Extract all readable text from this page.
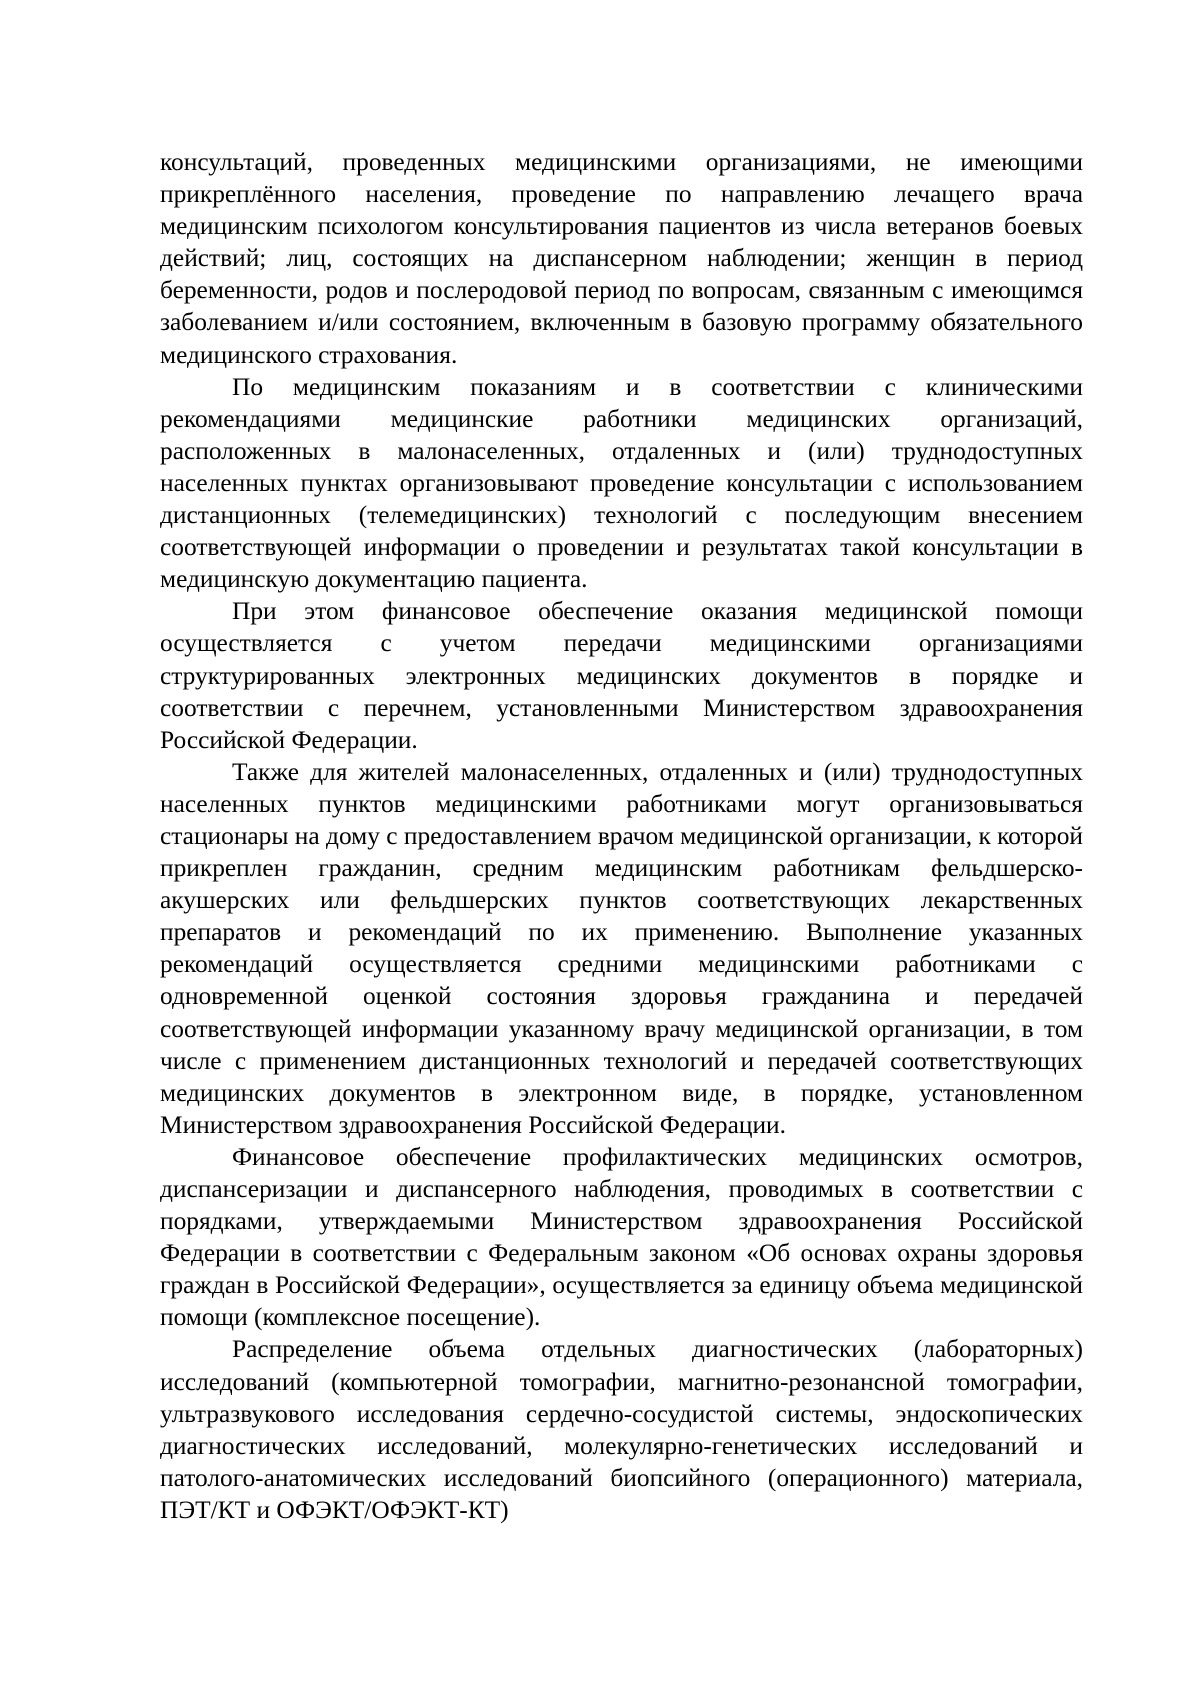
консультаций, проведенных медицинскими организациями, не имеющими прикреплённого населения, проведение по направлению лечащего врача медицинским психологом консультирования пациентов из числа ветеранов боевых действий; лиц, состоящих на диспансерном наблюдении; женщин в период беременности, родов и послеродовой период по вопросам, связанным с имеющимся заболеванием и/или состоянием, включенным в базовую программу обязательного медицинского страхования.

По медицинским показаниям и в соответствии с клиническими рекомендациями медицинские работники медицинских организаций, расположенных в малонаселенных, отдаленных и (или) труднодоступных населенных пунктах организовывают проведение консультации с использованием дистанционных (телемедицинских) технологий с последующим внесением соответствующей информации о проведении и результатах такой консультации в медицинскую документацию пациента.

При этом финансовое обеспечение оказания медицинской помощи осуществляется с учетом передачи медицинскими организациями структурированных электронных медицинских документов в порядке и соответствии с перечнем, установленными Министерством здравоохранения Российской Федерации.

Также для жителей малонаселенных, отдаленных и (или) труднодоступных населенных пунктов медицинскими работниками могут организовываться стационары на дому с предоставлением врачом медицинской организации, к которой прикреплен гражданин, средним медицинским работникам фельдшерско-акушерских или фельдшерских пунктов соответствующих лекарственных препаратов и рекомендаций по их применению. Выполнение указанных рекомендаций осуществляется средними медицинскими работниками с одновременной оценкой состояния здоровья гражданина и передачей соответствующей информации указанному врачу медицинской организации, в том числе с применением дистанционных технологий и передачей соответствующих медицинских документов в электронном виде, в порядке, установленном Министерством здравоохранения Российской Федерации.

Финансовое обеспечение профилактических медицинских осмотров, диспансеризации и диспансерного наблюдения, проводимых в соответствии с порядками, утверждаемыми Министерством здравоохранения Российской Федерации в соответствии с Федеральным законом «Об основах охраны здоровья граждан в Российской Федерации», осуществляется за единицу объема медицинской помощи (комплексное посещение).

Распределение объема отдельных диагностических (лабораторных) исследований (компьютерной томографии, магнитно-резонансной томографии, ультразвукового исследования сердечно-сосудистой системы, эндоскопических диагностических исследований, молекулярно-генетических исследований и патолого-анатомических исследований биопсийного (операционного) материала, ПЭТ/КТ и ОФЭКТ/ОФЭКТ-КТ)
